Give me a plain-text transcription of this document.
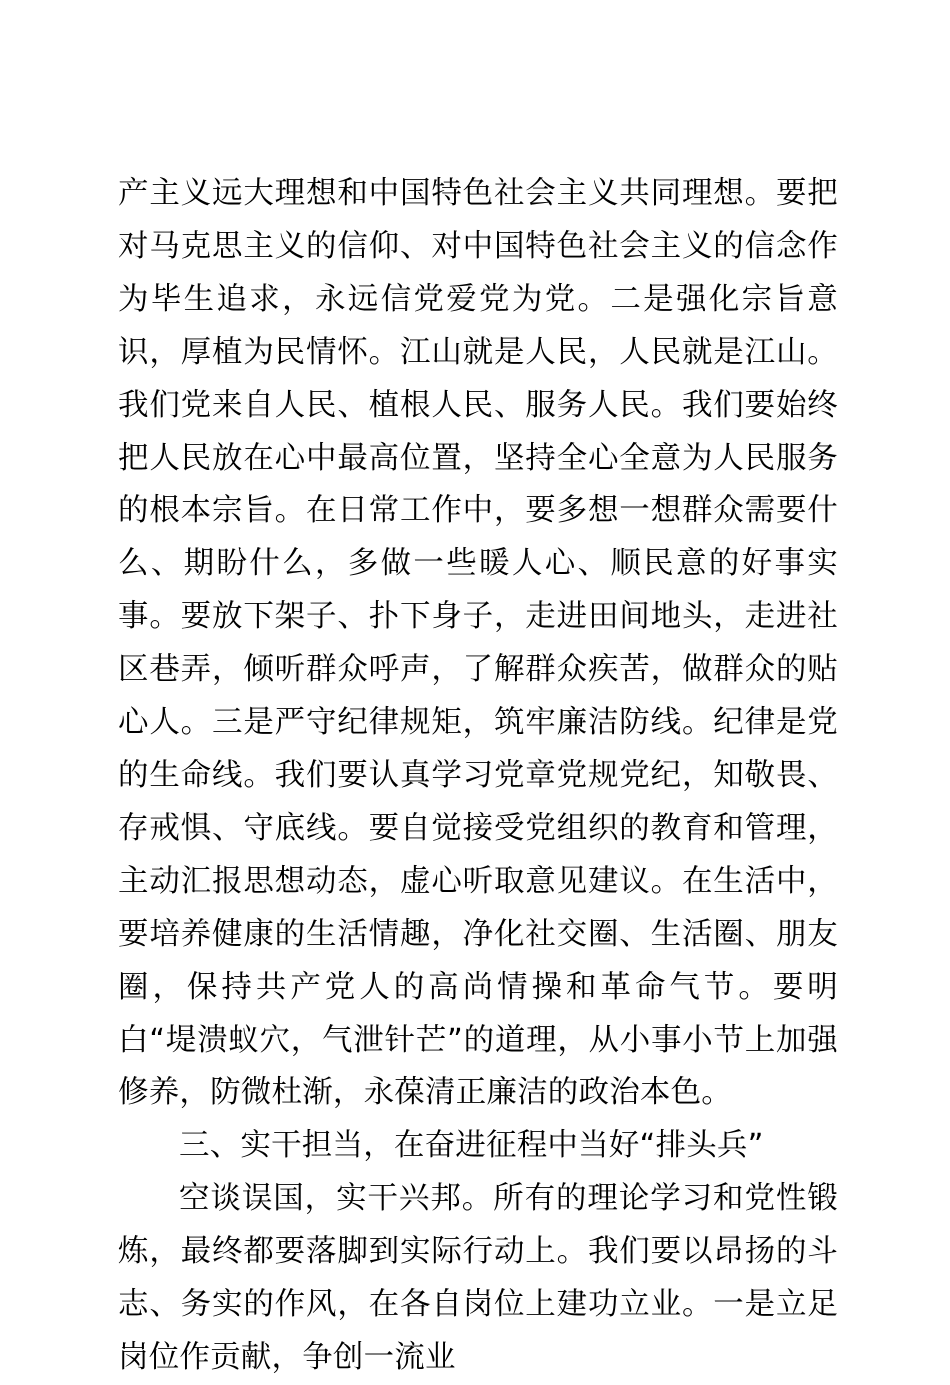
产主义远大理想和中国特色社会主义共同理想。要把对马克思主义的信仰、对中国特色社会主义的信念作为毕生追求，永远信党爱党为党。二是强化宗旨意识，厚植为民情怀。江山就是人民，人民就是江山。我们党来自人民、植根人民、服务人民。我们要始终把人民放在心中最高位置，坚持全心全意为人民服务的根本宗旨。在日常工作中，要多想一想群众需要什么、期盼什么，多做一些暖人心、顺民意的好事实事。要放下架子、扑下身子，走进田间地头，走进社区巷弄，倾听群众呼声，了解群众疾苦，做群众的贴心人。三是严守纪律规矩，筑牢廉洁防线。纪律是党的生命线。我们要认真学习党章党规党纪，知敬畏、存戒惧、守底线。要自觉接受党组织的教育和管理，主动汇报思想动态，虚心听取意见建议。在生活中，要培养健康的生活情趣，净化社交圈、生活圈、朋友圈，保持共产党人的高尚情操和革命气节。要明白“堤溃蚁穴，气泄针芒”的道理，从小事小节上加强修养，防微杜渐，永葆清正廉洁的政治本色。

三、实干担当，在奋进征程中当好“排头兵”

空谈误国，实干兴邦。所有的理论学习和党性锻炼，最终都要落脚到实际行动上。我们要以昂扬的斗志、务实的作风，在各自岗位上建功立业。一是立足岗位作贡献，争创一流业
